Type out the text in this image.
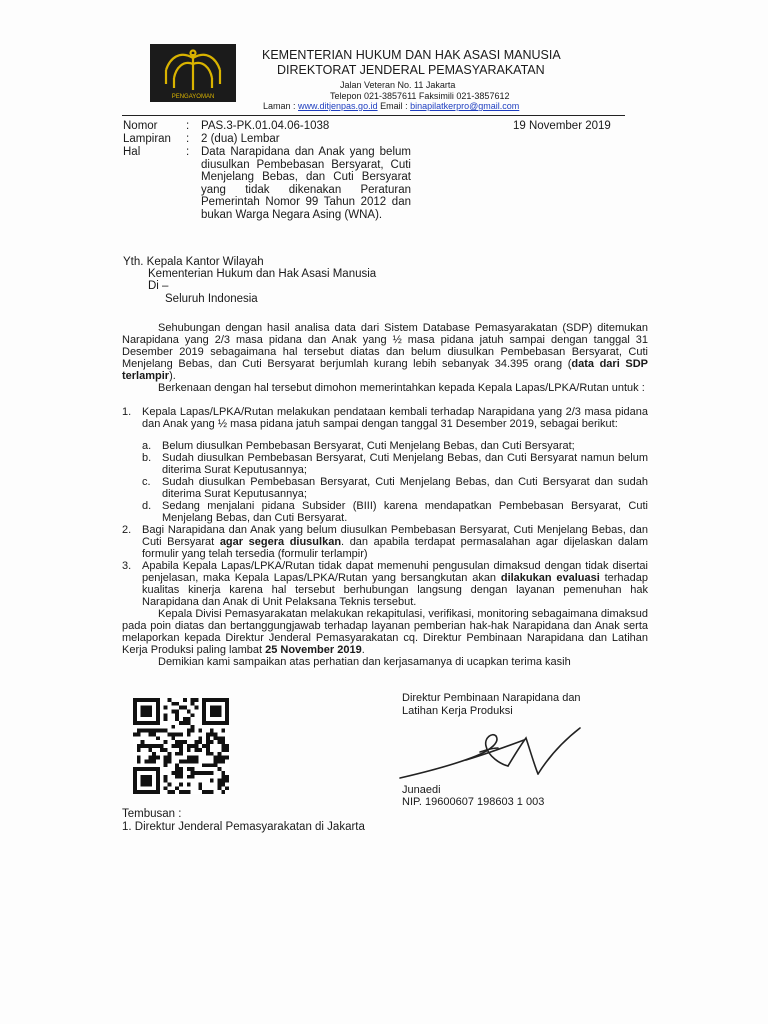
PENGAYOMAN
KEMENTERIAN HUKUM DAN HAK ASASI MANUSIA
DIREKTORAT JENDERAL PEMASYARAKATAN
Jalan Veteran No. 11 Jakarta
Telepon 021-3857611 Faksimili 021-3857612
Laman : www.ditjenpas.go.id Email : binapilatkerpro@gmail.com
Nomor	:	PAS.3-PK.01.04.06-1038	19 November 2019
Lampiran	:	2 (dua) Lembar
Hal	:	Data Narapidana dan Anak yang belum diusulkan Pembebasan Bersyarat, Cuti Menjelang Bebas, dan Cuti Bersyarat yang tidak dikenakan Peraturan Pemerintah Nomor 99 Tahun 2012 dan bukan Warga Negara Asing (WNA).
Yth. Kepala Kantor Wilayah
Kementerian Hukum dan Hak Asasi Manusia
Di –
Seluruh Indonesia
Sehubungan dengan hasil analisa data dari Sistem Database Pemasyarakatan (SDP) ditemukan Narapidana yang 2/3 masa pidana dan Anak yang ½ masa pidana jatuh sampai dengan tanggal 31 Desember 2019 sebagaimana hal tersebut diatas dan belum diusulkan Pembebasan Bersyarat, Cuti Menjelang Bebas, dan Cuti Bersyarat berjumlah kurang lebih sebanyak 34.395 orang (data dari SDP terlampir).
Berkenaan dengan hal tersebut dimohon memerintahkan kepada Kepala Lapas/LPKA/Rutan untuk :
1. Kepala Lapas/LPKA/Rutan melakukan pendataan kembali terhadap Narapidana yang 2/3 masa pidana dan Anak yang ½ masa pidana jatuh sampai dengan tanggal 31 Desember 2019, sebagai berikut:
a. Belum diusulkan Pembebasan Bersyarat, Cuti Menjelang Bebas, dan Cuti Bersyarat;
b. Sudah diusulkan Pembebasan Bersyarat, Cuti Menjelang Bebas, dan Cuti Bersyarat namun belum diterima Surat Keputusannya;
c.	Sudah diusulkan Pembebasan Bersyarat, Cuti Menjelang Bebas, dan Cuti Bersyarat dan sudah diterima Surat Keputusannya;
d. Sedang menjalani pidana Subsider (BIII) karena mendapatkan Pembebasan Bersyarat, Cuti Menjelang Bebas, dan Cuti Bersyarat.
2. Bagi Narapidana dan Anak yang belum diusulkan Pembebasan Bersyarat, Cuti Menjelang Bebas, dan Cuti Bersyarat agar segera diusulkan. dan apabila terdapat permasalahan agar dijelaskan dalam formulir yang telah tersedia (formulir terlampir)
3. Apabila Kepala Lapas/LPKA/Rutan tidak dapat memenuhi pengusulan dimaksud dengan tidak disertai penjelasan, maka Kepala Lapas/LPKA/Rutan yang bersangkutan akan dilakukan evaluasi terhadap kualitas kinerja karena hal tersebut berhubungan langsung dengan layanan pemenuhan hak Narapidana dan Anak di Unit Pelaksana Teknis tersebut.
Kepala Divisi Pemasyarakatan melakukan rekapitulasi, verifikasi, monitoring sebagaimana dimaksud pada poin diatas dan bertanggungjawab terhadap layanan pemberian hak-hak Narapidana dan Anak serta melaporkan kepada Direktur Jenderal Pemasyarakatan cq. Direktur Pembinaan Narapidana dan Latihan Kerja Produksi paling lambat 25 November 2019.
Demikian kami sampaikan atas perhatian dan kerjasamanya di ucapkan terima kasih
Direktur Pembinaan Narapidana dan
Latihan Kerja Produksi
Junaedi
NIP. 19600607 198603 1 003
Tembusan :
1. Direktur Jenderal Pemasyarakatan di Jakarta
